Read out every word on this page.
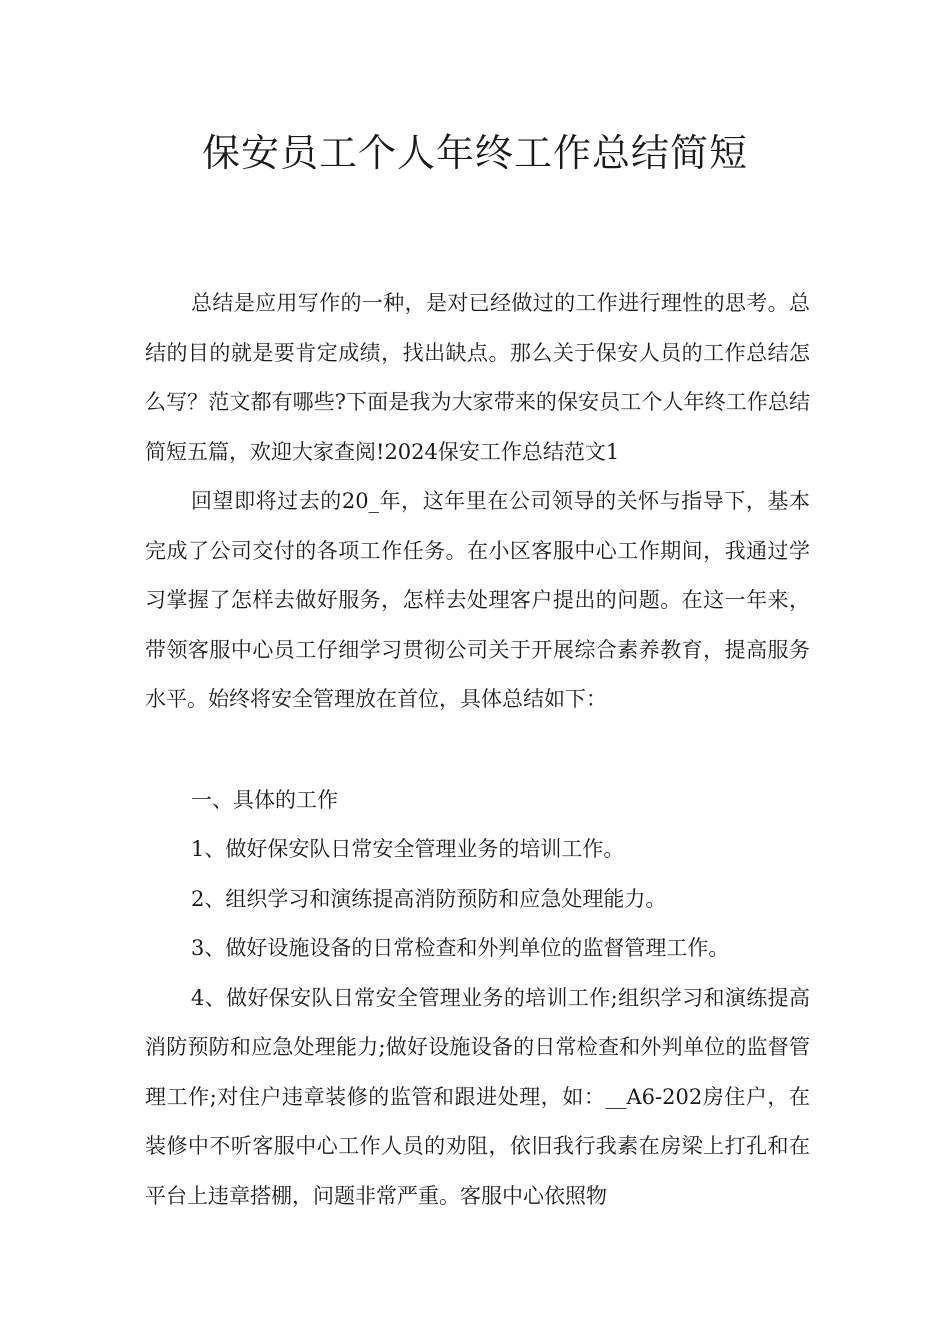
保安员工个人年终工作总结简短

总结是应用写作的一种，是对已经做过的工作进行理性的思考。总结的目的就是要肯定成绩，找出缺点。那么关于保安人员的工作总结怎么写？范文都有哪些?下面是我为大家带来的保安员工个人年终工作总结简短五篇，欢迎大家查阅!2024保安工作总结范文1

回望即将过去的20_年，这年里在公司领导的关怀与指导下，基本完成了公司交付的各项工作任务。在小区客服中心工作期间，我通过学习掌握了怎样去做好服务，怎样去处理客户提出的问题。在这一年来，带领客服中心员工仔细学习贯彻公司关于开展综合素养教育，提高服务水平。始终将安全管理放在首位，具体总结如下：

一、具体的工作

1、做好保安队日常安全管理业务的培训工作。

2、组织学习和演练提高消防预防和应急处理能力。

3、做好设施设备的日常检查和外判单位的监督管理工作。

4、做好保安队日常安全管理业务的培训工作;组织学习和演练提高消防预防和应急处理能力;做好设施设备的日常检查和外判单位的监督管理工作;对住户违章装修的监管和跟进处理，如：__A6-202房住户，在装修中不听客服中心工作人员的劝阻，依旧我行我素在房梁上打孔和在平台上违章搭棚，问题非常严重。客服中心依照物
